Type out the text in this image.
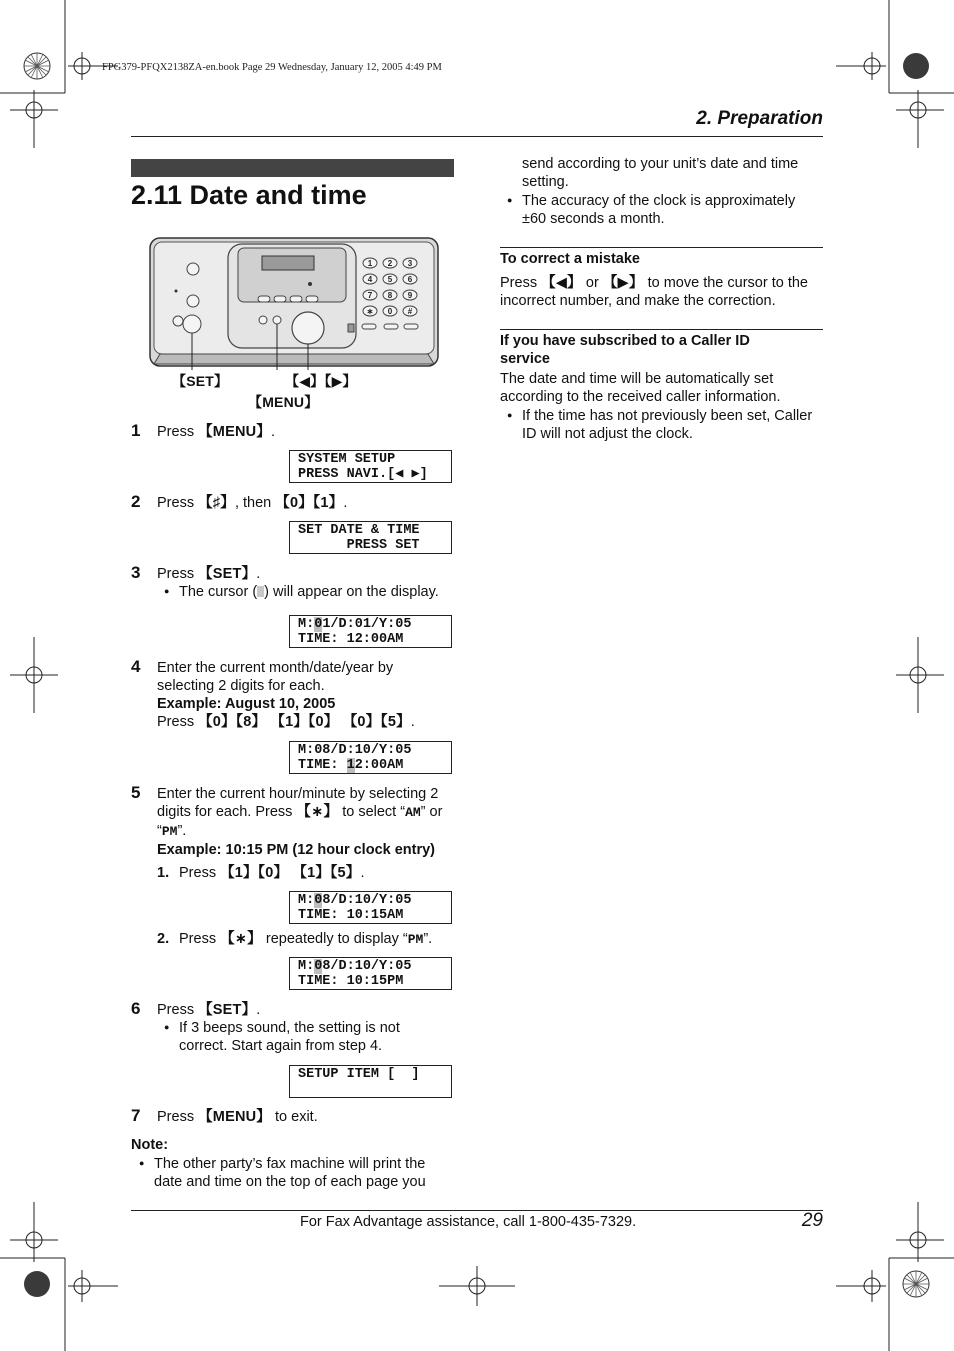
FPG379-PFQX2138ZA-en.book Page 29 Wednesday, January 12, 2005 4:49 PM
2. Preparation
2.11 Date and time
1 2 3
4 5 6
7 8 9
∗ 0 #
【SET】	【◀】【▶】
【MENU】
1 Press 【MENU】.
SYSTEM SETUP
PRESS NAVI.[◀ ▶]
2 Press 【♯】, then 【0】【1】.
SET DATE & TIME
PRESS SET
3 Press 【SET】.
● The cursor ( ) will appear on the display.
M:01/D:01/Y:05
TIME: 12:00AM
4 Enter the current month/date/year by
selecting 2 digits for each.
Example: August 10, 2005
Press 【0】【8】 【1】【0】 【0】【5】.
M:08/D:10/Y:05
TIME: 12:00AM
5 Enter the current hour/minute by selecting 2
digits for each. Press 【∗】 to select “AM” or
“PM”.
Example: 10:15 PM (12 hour clock entry)
1. Press 【1】【0】 【1】【5】.
M:08/D:10/Y:05
TIME: 10:15AM
2. Press 【∗】 repeatedly to display “PM”.
M:08/D:10/Y:05
TIME: 10:15PM
6 Press 【SET】.
● If 3 beeps sound, the setting is not
correct. Start again from step 4.
SETUP ITEM [  ]
7 Press 【MENU】 to exit.
Note:
● The other party’s fax machine will print the
date and time on the top of each page you
send according to your unit’s date and time
setting.
● The accuracy of the clock is approximately
±60 seconds a month.
To correct a mistake
Press 【◀】 or 【▶】 to move the cursor to the
incorrect number, and make the correction.
If you have subscribed to a Caller ID
service
The date and time will be automatically set
according to the received caller information.
● If the time has not previously been set, Caller
ID will not adjust the clock.
For Fax Advantage assistance, call 1-800-435-7329.	29
